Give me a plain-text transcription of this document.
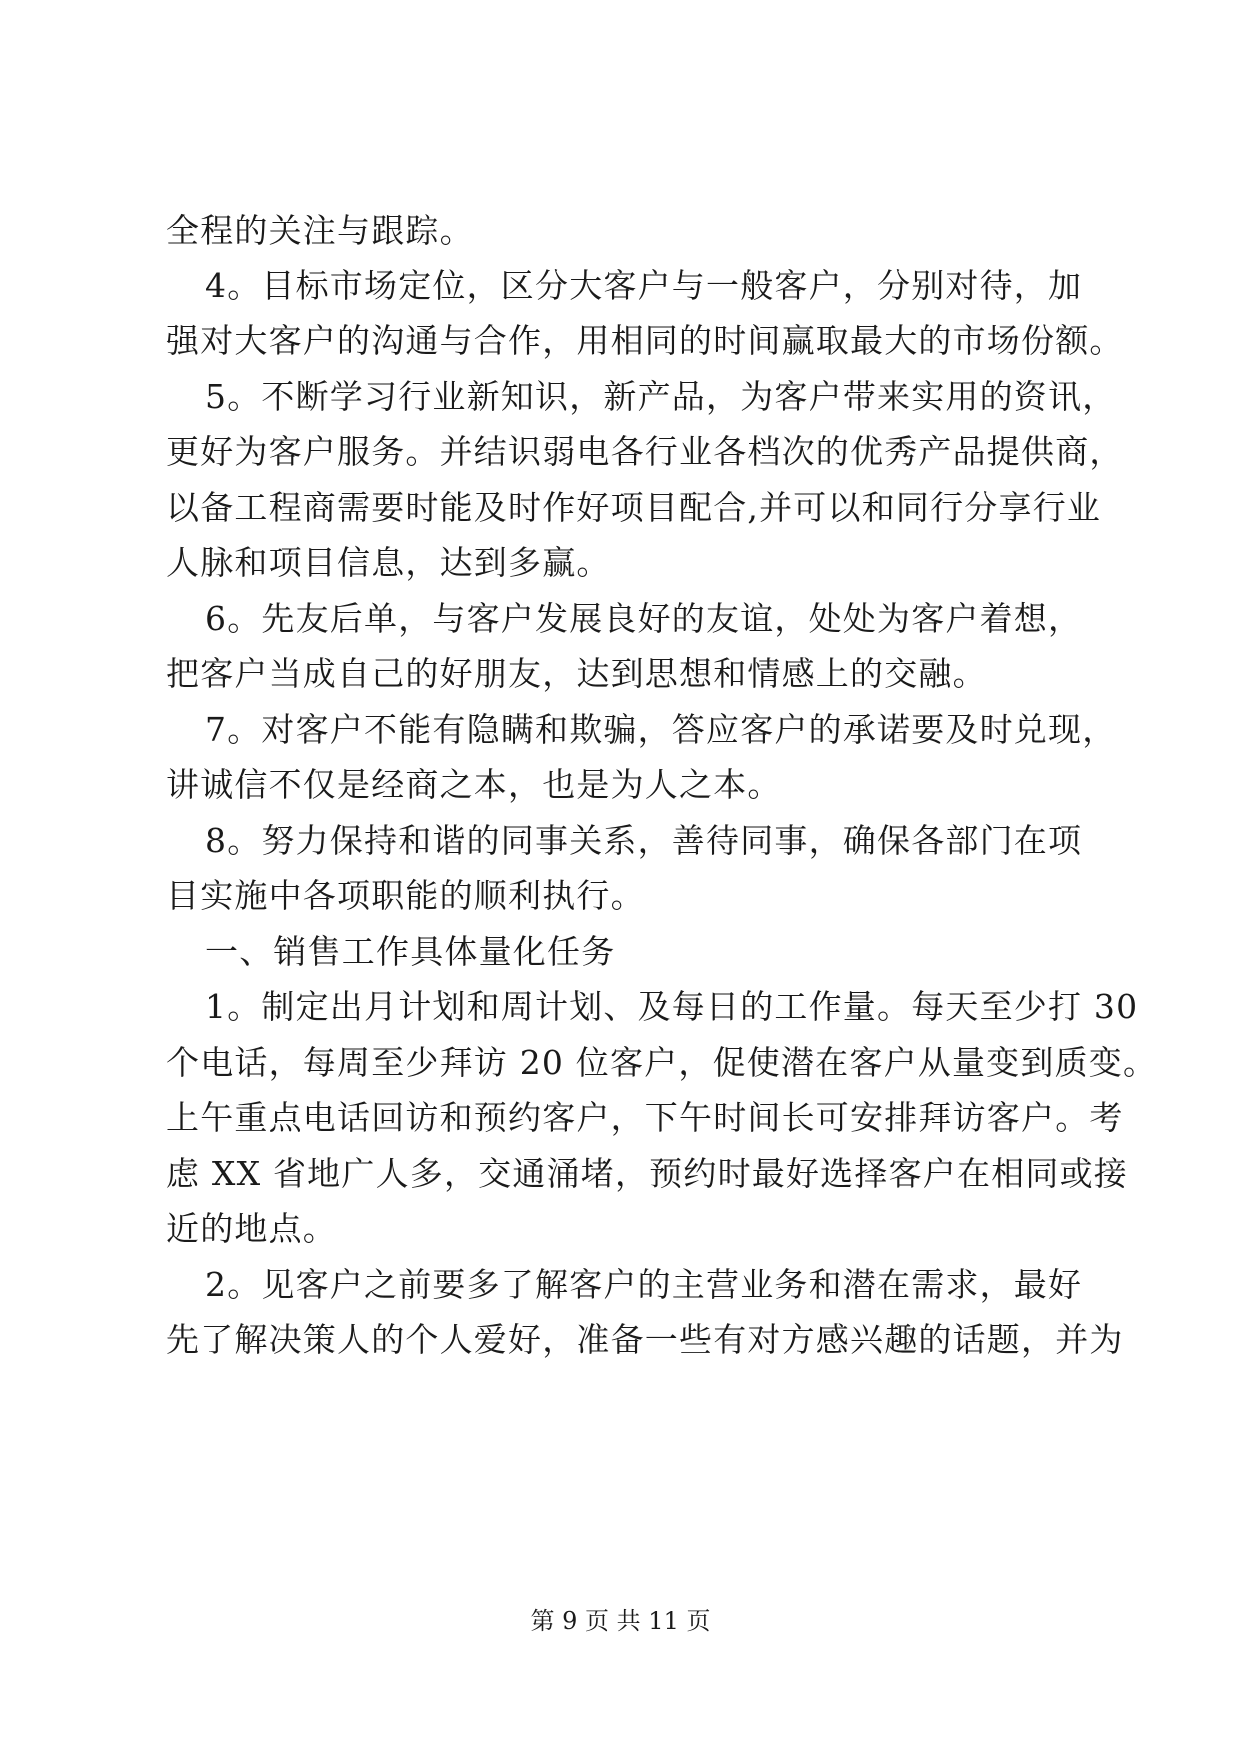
全程的关注与跟踪。
4。目标市场定位，区分大客户与一般客户，分别对待，加
强对大客户的沟通与合作，用相同的时间赢取最大的市场份额。
5。不断学习行业新知识，新产品，为客户带来实用的资讯，
更好为客户服务。并结识弱电各行业各档次的优秀产品提供商，
以备工程商需要时能及时作好项目配合,并可以和同行分享行业
人脉和项目信息，达到多赢。
6。先友后单，与客户发展良好的友谊，处处为客户着想，
把客户当成自己的好朋友，达到思想和情感上的交融。
7。对客户不能有隐瞒和欺骗，答应客户的承诺要及时兑现，
讲诚信不仅是经商之本，也是为人之本。
8。努力保持和谐的同事关系，善待同事，确保各部门在项
目实施中各项职能的顺利执行。
一、销售工作具体量化任务
1。制定出月计划和周计划、及每日的工作量。每天至少打 30
个电话，每周至少拜访 20 位客户，促使潜在客户从量变到质变。
上午重点电话回访和预约客户，下午时间长可安排拜访客户。考
虑 XX 省地广人多，交通涌堵，预约时最好选择客户在相同或接
近的地点。
2。见客户之前要多了解客户的主营业务和潜在需求，最好
先了解决策人的个人爱好，准备一些有对方感兴趣的话题，并为
第 9 页 共 11 页
